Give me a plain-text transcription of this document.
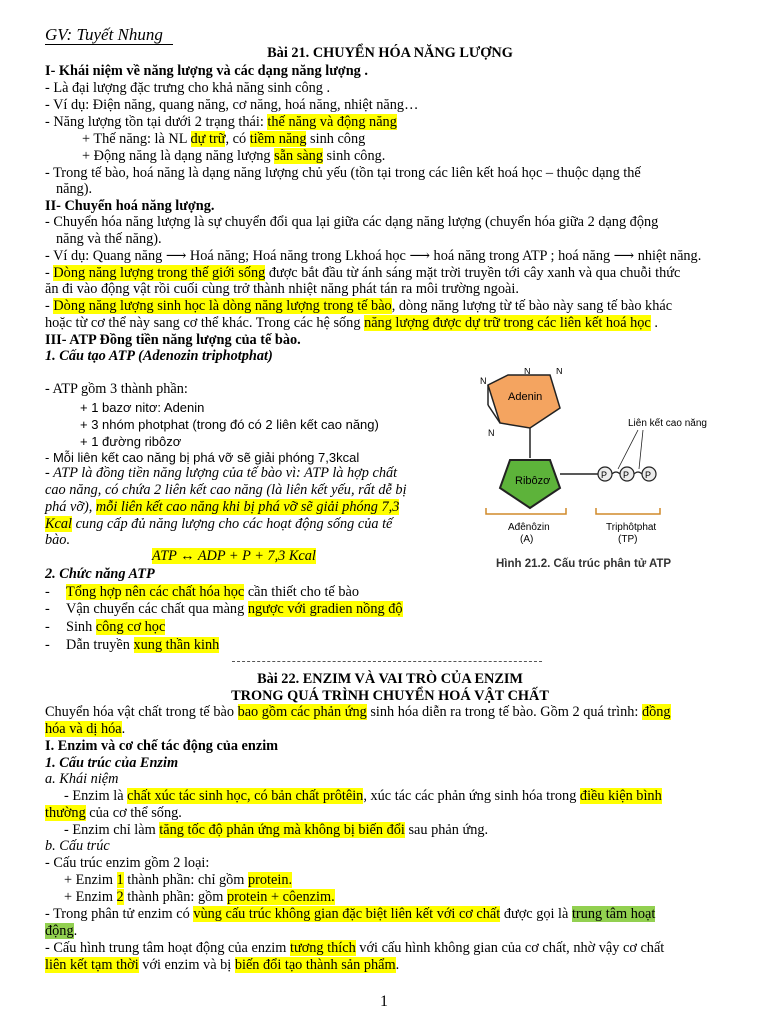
GV: Tuyết Nhung
Bài 21. CHUYỂN HÓA NĂNG LƯỢNG
I- Khái niệm về năng lượng và các dạng năng lượng .
- Là đại lượng đặc trưng cho khả năng sinh công .
- Ví dụ: Điện năng, quang năng, cơ năng, hoá năng, nhiệt năng…
- Năng lượng tồn tại dưới 2 trạng thái: thế năng và động năng
+ Thế năng: là NL dự trữ, có tiềm năng sinh công
+ Động năng là dạng năng lượng sẵn sàng sinh công.
- Trong tế bào, hoá năng là dạng năng lượng chủ yếu (tồn tại trong các liên kết hoá học – thuộc dạng thế
năng).
II- Chuyển hoá năng lượng.
- Chuyển hóa năng lượng là sự chuyển đổi qua lại giữa các dạng năng lượng (chuyển hóa giữa 2 dạng động
năng và thế năng).
- Ví dụ: Quang năng ⟶ Hoá năng; Hoá năng trong Lkhoá học ⟶ hoá năng trong ATP ; hoá năng ⟶ nhiệt năng.
- Dòng năng lượng trong thế giới sống được bắt đầu từ ánh sáng mặt trời truyền tới cây xanh và qua chuỗi thức
ăn đi vào động vật rồi cuối cùng trở thành nhiệt năng phát tán ra môi trường ngoài.
- Dòng năng lượng sinh học là dòng năng lượng trong tế bào, dòng năng lượng từ tế bào này sang tế bào khác
hoặc từ cơ thể này sang cơ thể khác. Trong các hệ sống năng lượng được dự trữ trong các liên kết hoá học .
III- ATP Đồng tiền năng lượng của tế bào.
1. Cấu tạo ATP (Adenozin triphotphat)
- ATP gồm 3 thành phần:
+ 1 bazơ nitơ: Adenin
+ 3 nhóm photphat (trong đó có 2 liên kết cao năng)
+ 1 đường ribôzơ
- Mỗi liên kết cao năng bị phá vỡ sẽ giải phóng 7,3kcal
- ATP là đồng tiền năng lượng của tế bào vì: ATP là hợp chất
cao năng, có chứa 2 liên kết cao năng (là liên kết yếu, rất dễ bị
phá vỡ), mỗi liên kết cao năng khi bị phá vỡ sẽ giải phóng 7,3
Kcal cung cấp đủ năng lượng cho các hoạt động sống của tế
bào.
ATP ↔ ADP + P + 7,3 Kcal
2. Chức năng ATP
- Tổng hợp nên các chất hóa học cần thiết cho tế bào
- Vận chuyển các chất qua màng ngược với gradien nồng độ
- Sinh công cơ học
- Dẫn truyền xung thần kinh
N
N	N
N
Adenin
Ribôzơ	P P P
Liên kết cao năng
Ađênôzin
(A)
Triphôtphat
(TP)
Hình 21.2. Cấu trúc phân tử ATP
Bài 22. ENZIM VÀ VAI TRÒ CỦA ENZIM
TRONG QUÁ TRÌNH CHUYỂN HOÁ VẬT CHẤT
Chuyển hóa vật chất trong tế bào bao gồm các phản ứng sinh hóa diễn ra trong tế bào. Gồm 2 quá trình: đồng
hóa và dị hóa.
I. Enzim và cơ chế tác động của enzim
1. Cấu trúc của Enzim
a. Khái niệm
- Enzim là chất xúc tác sinh học, có bản chất prôtêin, xúc tác các phản ứng sinh hóa trong điều kiện bình
thường của cơ thể sống.
- Enzim chỉ làm tăng tốc độ phản ứng mà không bị biến đổi sau phản ứng.
b. Cấu trúc
- Cấu trúc enzim gồm 2 loại:
+ Enzim 1 thành phần: chỉ gồm protein.
+ Enzim 2 thành phần: gồm protein + côenzim.
- Trong phân tử enzim có vùng cấu trúc không gian đặc biệt liên kết với cơ chất được gọi là trung tâm hoạt
động.
- Cấu hình trung tâm hoạt động của enzim tương thích với cấu hình không gian của cơ chất, nhờ vậy cơ chất
liên kết tạm thời với enzim và bị biến đổi tạo thành sản phẩm.
1
